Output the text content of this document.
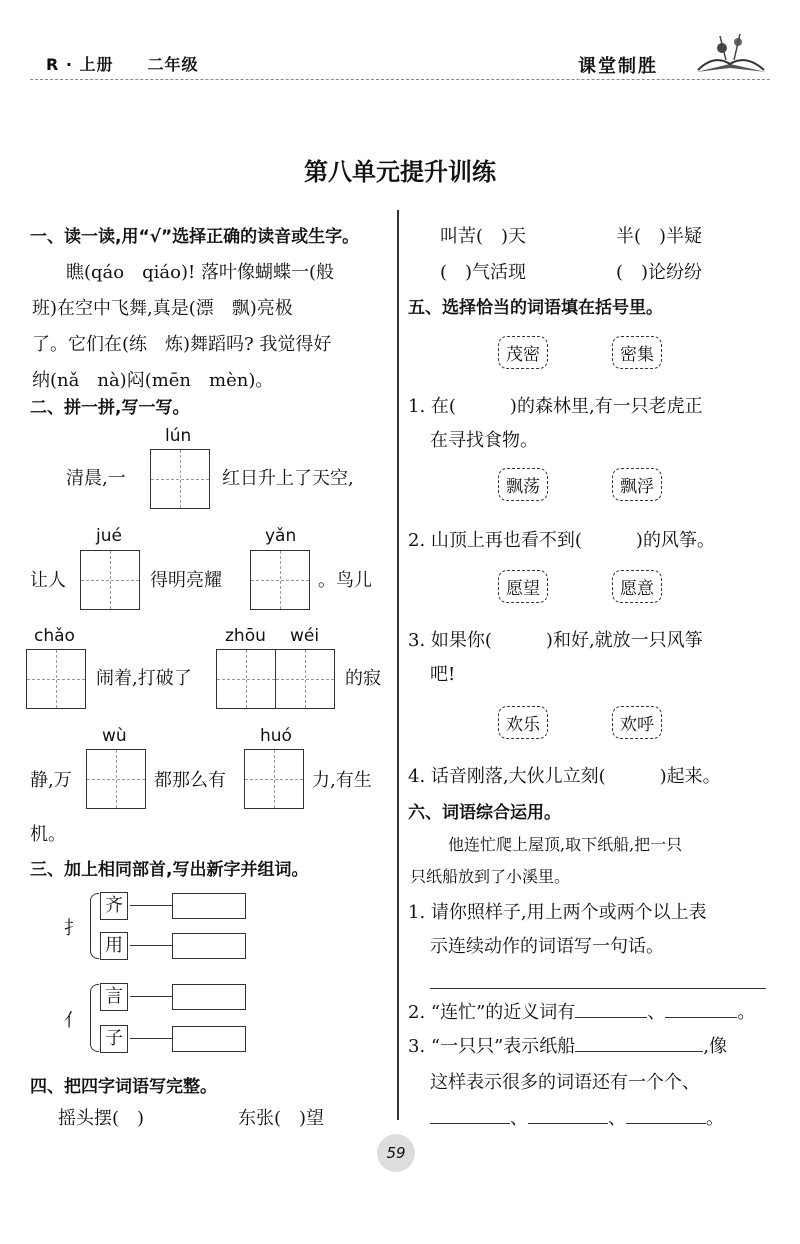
R · 上册　　二年级	课堂制胜
第八单元提升训练
一、读一读,用“√”选择正确的读音或生字。
瞧(qáo　qiáo)! 落叶像蝴蝶一(般
班)在空中飞舞,真是(漂　飘)亮极
了。它们在(练　炼)舞蹈吗? 我觉得好
纳(nǎ　nà)闷(mēn　mèn)。
二、拼一拼,写一写。
lún
清晨,一	红日升上了天空,
jué	yǎn
让人	得明亮耀	。鸟儿
chǎo	zhōu wéi
闹着,打破了	的寂
wù	huó
静,万	都那么有	力,有生
机。
三、加上相同部首,写出新字并组词。
扌
齐
用
亻
言
子
四、把四字词语写完整。
摇头摆(　)	东张(　)望
叫苦(　)天	半(　)半疑
(　)气活现	(　)论纷纷
五、选择恰当的词语填在括号里。
茂密	密集
1. 在(　　　)的森林里,有一只老虎正
在寻找食物。
飘荡	飘浮
2. 山顶上再也看不到(　　　)的风筝。
愿望	愿意
3. 如果你(　　　)和好,就放一只风筝
吧!
欢乐	欢呼
4. 话音刚落,大伙儿立刻(　　　)起来。
六、词语综合运用。
他连忙爬上屋顶,取下纸船,把一只
只纸船放到了小溪里。
1. 请你照样子,用上两个或两个以上表
示连续动作的词语写一句话。
2. “连忙”的近义词有	、	。
3. “一只只”表示纸船	,像
这样表示很多的词语还有一个个、
、	、	。
59
